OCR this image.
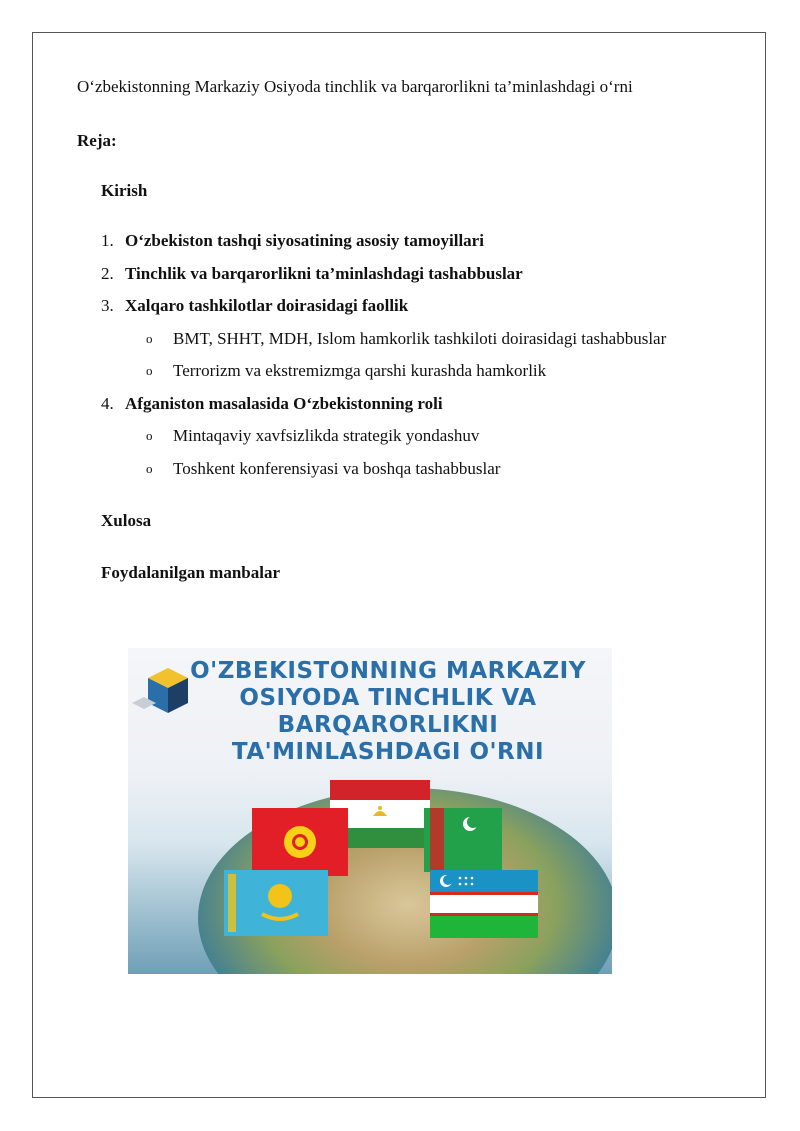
O‘zbekistonning Markaziy Osiyoda tinchlik va barqarorlikni ta’minlashdagi o‘rni
Reja:
Kirish
1. O‘zbekiston tashqi siyosatining asosiy tamoyillari
2. Tinchlik va barqarorlikni ta’minlashdagi tashabbuslar
3. Xalqaro tashkilotlar doirasidagi faollik
o BMT, SHHT, MDH, Islom hamkorlik tashkiloti doirasidagi tashabbuslar
o Terrorizm va ekstremizmga qarshi kurashda hamkorlik
4. Afganiston masalasida O‘zbekistonning roli
o Mintaqaviy xavfsizlikda strategik yondashuv
o Toshkent konferensiyasi va boshqa tashabbuslar
Xulosa
Foydalanilgan manbalar
O'ZBEKISTONNING MARKAZIY
OSIYODA TINCHLIK VA
BARQARORLIKNI
TA'MINLASHDAGI O'RNI
